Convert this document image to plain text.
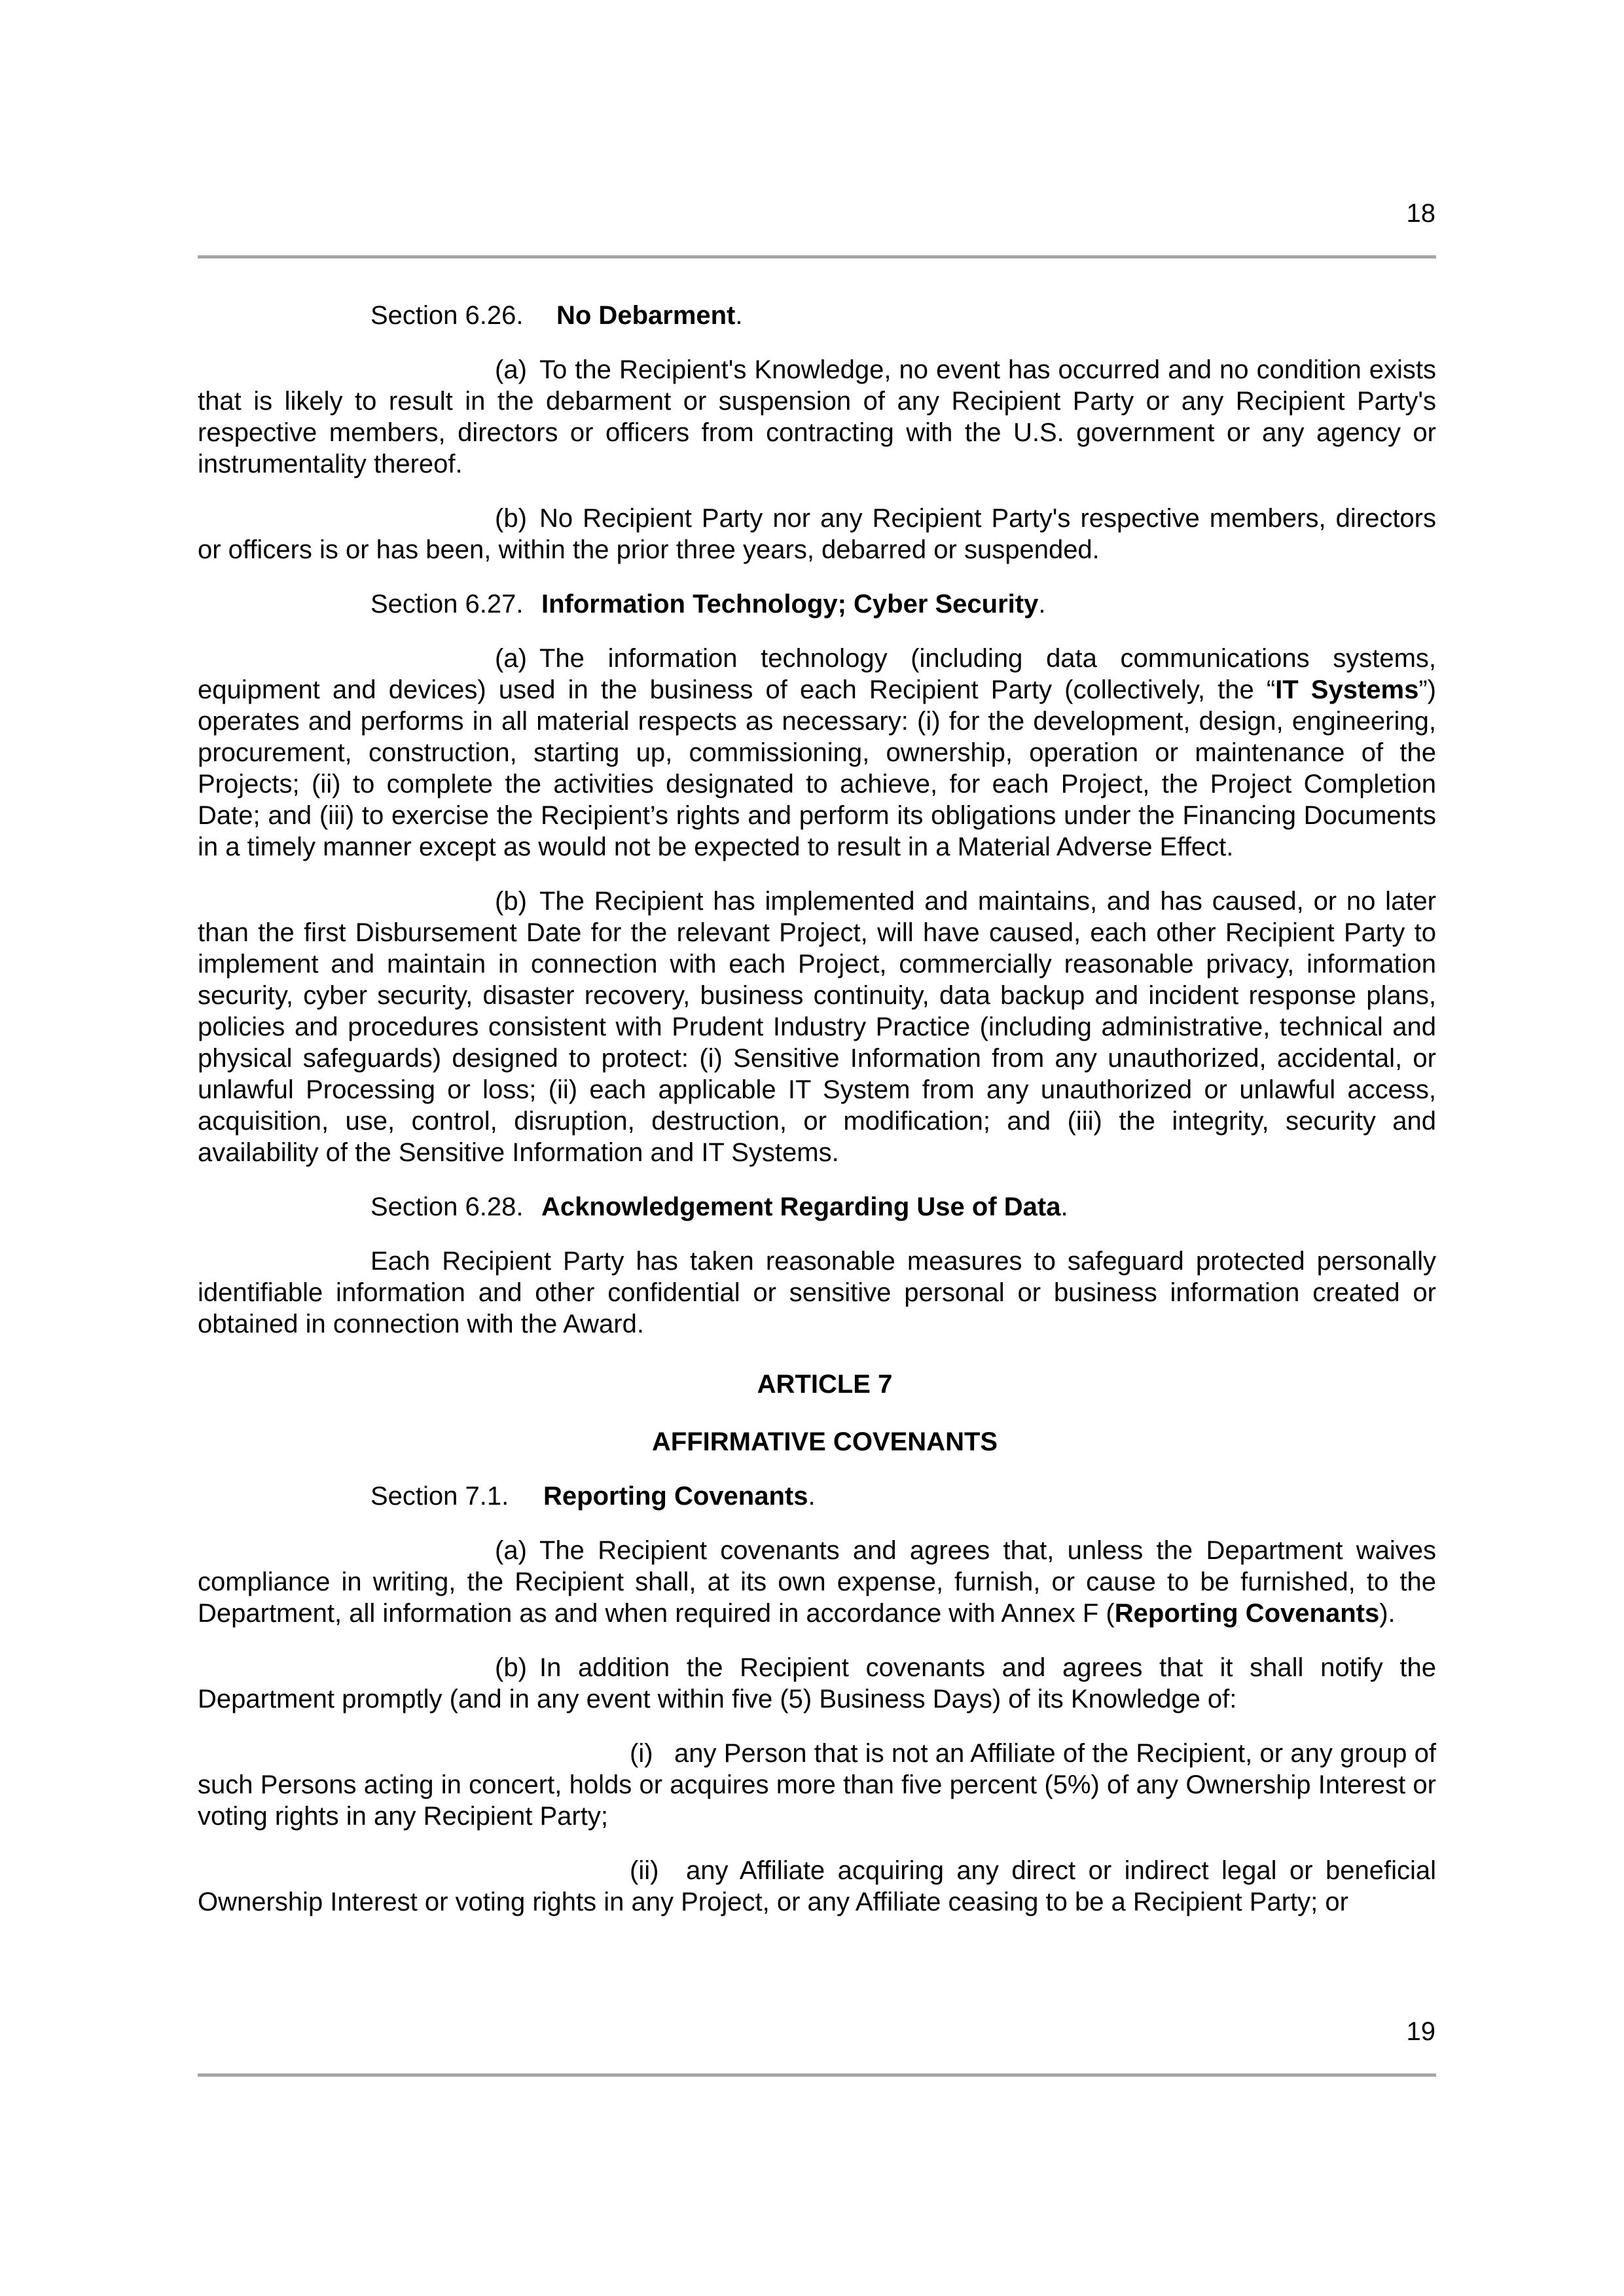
18

Section 6.26. No Debarment.

(a) To the Recipient's Knowledge, no event has occurred and no condition exists that is likely to result in the debarment or suspension of any Recipient Party or any Recipient Party's respective members, directors or officers from contracting with the U.S. government or any agency or instrumentality thereof.

(b) No Recipient Party nor any Recipient Party's respective members, directors or officers is or has been, within the prior three years, debarred or suspended.

Section 6.27. Information Technology; Cyber Security.

(a) The information technology (including data communications systems, equipment and devices) used in the business of each Recipient Party (collectively, the “IT Systems”) operates and performs in all material respects as necessary: (i) for the development, design, engineering, procurement, construction, starting up, commissioning, ownership, operation or maintenance of the Projects; (ii) to complete the activities designated to achieve, for each Project, the Project Completion Date; and (iii) to exercise the Recipient’s rights and perform its obligations under the Financing Documents in a timely manner except as would not be expected to result in a Material Adverse Effect.

(b) The Recipient has implemented and maintains, and has caused, or no later than the first Disbursement Date for the relevant Project, will have caused, each other Recipient Party to implement and maintain in connection with each Project, commercially reasonable privacy, information security, cyber security, disaster recovery, business continuity, data backup and incident response plans, policies and procedures consistent with Prudent Industry Practice (including administrative, technical and physical safeguards) designed to protect: (i) Sensitive Information from any unauthorized, accidental, or unlawful Processing or loss; (ii) each applicable IT System from any unauthorized or unlawful access, acquisition, use, control, disruption, destruction, or modification; and (iii) the integrity, security and availability of the Sensitive Information and IT Systems.

Section 6.28. Acknowledgement Regarding Use of Data.

Each Recipient Party has taken reasonable measures to safeguard protected personally identifiable information and other confidential or sensitive personal or business information created or obtained in connection with the Award.

ARTICLE 7

AFFIRMATIVE COVENANTS

Section 7.1. Reporting Covenants.

(a) The Recipient covenants and agrees that, unless the Department waives compliance in writing, the Recipient shall, at its own expense, furnish, or cause to be furnished, to the Department, all information as and when required in accordance with Annex F (Reporting Covenants).

(b) In addition the Recipient covenants and agrees that it shall notify the Department promptly (and in any event within five (5) Business Days) of its Knowledge of:

(i) any Person that is not an Affiliate of the Recipient, or any group of such Persons acting in concert, holds or acquires more than five percent (5%) of any Ownership Interest or voting rights in any Recipient Party;

(ii) any Affiliate acquiring any direct or indirect legal or beneficial Ownership Interest or voting rights in any Project, or any Affiliate ceasing to be a Recipient Party; or

19
